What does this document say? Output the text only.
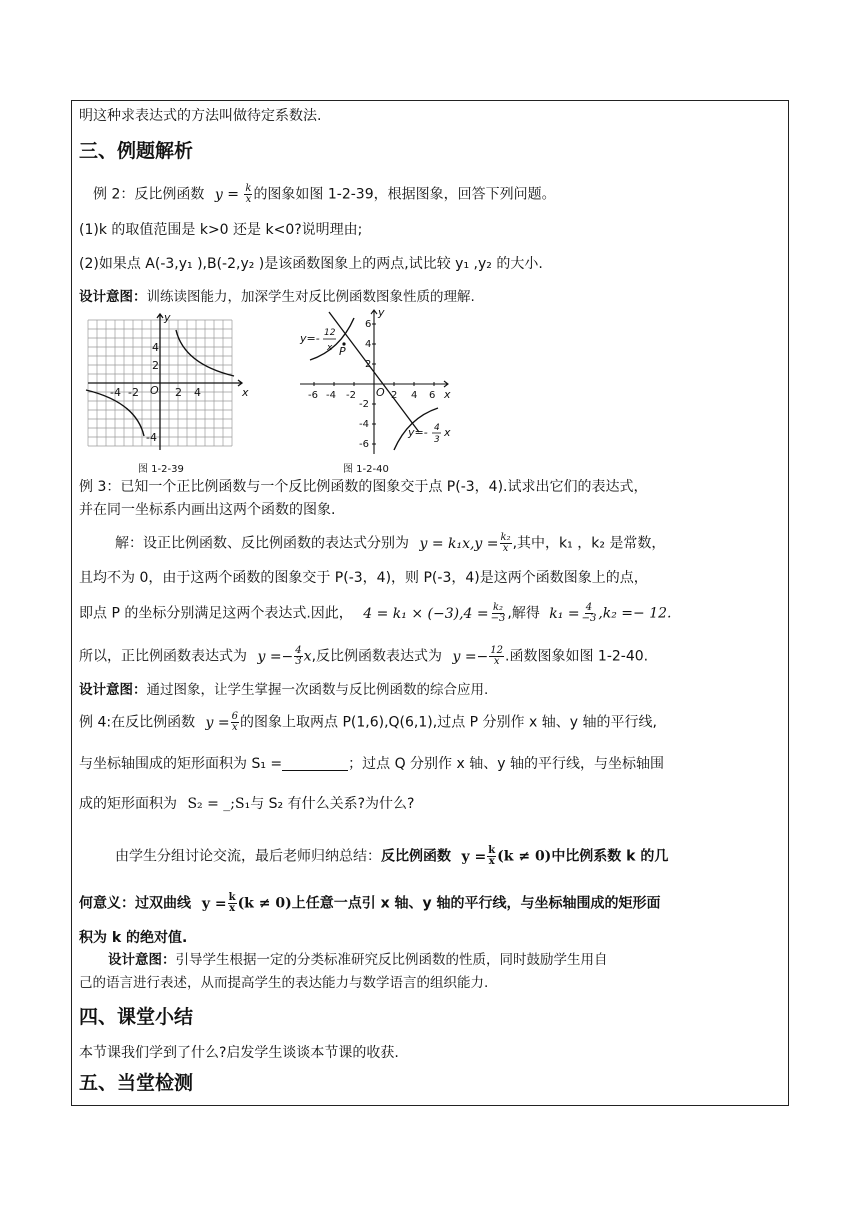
明这种求表达式的方法叫做待定系数法.
三、例题解析
例 2：反比例函数 $y = \frac{k}{x}$ 的图象如图 1-2-39，根据图象，回答下列问题。
(1)k 的取值范围是 k>0 还是 k<0?说明理由;
(2)如果点 A(-3,y₁ ),B(-2,y₂ )是该函数图象上的两点,试比较 y₁ ,y₂ 的大小.
设计意图：训练读图能力，加深学生对反比例函数图象性质的理解.
y
x
O
-4 -2	2 4
4
2
-4
图 1-2-39
y
x
O
P
y=-
y=- x
12
x
4
3
-6 -4 -2	2 4 6
6
4
2
-2
-4
-6
图 1-2-40
例 3：已知一个正比例函数与一个反比例函数的图象交于点 P(-3，4).试求出它们的表达式，
并在同一坐标系内画出这两个函数的图象.
解：设正比例函数、反比例函数的表达式分别为 $y = k_1x,y = \frac{\text{k₂}}{x}$ ,其中，k₁ ，k₂ 是常数，
且均不为 0，由于这两个函数的图象交于 P(-3，4)，则 P(-3，4)是这两个函数图象上的点，
即点 P 的坐标分别满足这两个表达式.因此， $4 = k_1 \times (-3),4 = \frac{\text{k₂}}{-3}$ ,解得 $k_1 = \frac{4}{-3} ,k_2 =- 12$.
所以，正比例函数表达式为 $y =- \frac{4}{3} x$,反比例函数表达式为 $y =- \frac{12}{x}$ .函数图象如图 1-2-40.
设计意图：通过图象，让学生掌握一次函数与反比例函数的综合应用.
例 4:在反比例函数 $y = \frac{6}{x}$ 的图象上取两点 P(1,6),Q(6,1),过点 P 分别作 x 轴、y 轴的平行线,
与坐标轴围成的矩形面积为 S₁ =	；过点 Q 分别作 x 轴、y 轴的平行线，与坐标轴围
成的矩形面积为 S₂ = _;S₁与 S₂ 有什么关系?为什么?
由学生分组讨论交流，最后老师归纳总结：反比例函数 $y = \frac{k}{x} (k \ne 0)$中比例系数 k 的几
何意义：过双曲线 $y = \frac{k}{x} (k \ne 0)$上任意一点引 x 轴、y 轴的平行线，与坐标轴围成的矩形面
积为 k 的绝对值.
设计意图：引导学生根据一定的分类标准研究反比例函数的性质，同时鼓励学生用自
己的语言进行表述，从而提高学生的表达能力与数学语言的组织能力.
四、课堂小结
本节课我们学到了什么?启发学生谈谈本节课的收获.
五、当堂检测
